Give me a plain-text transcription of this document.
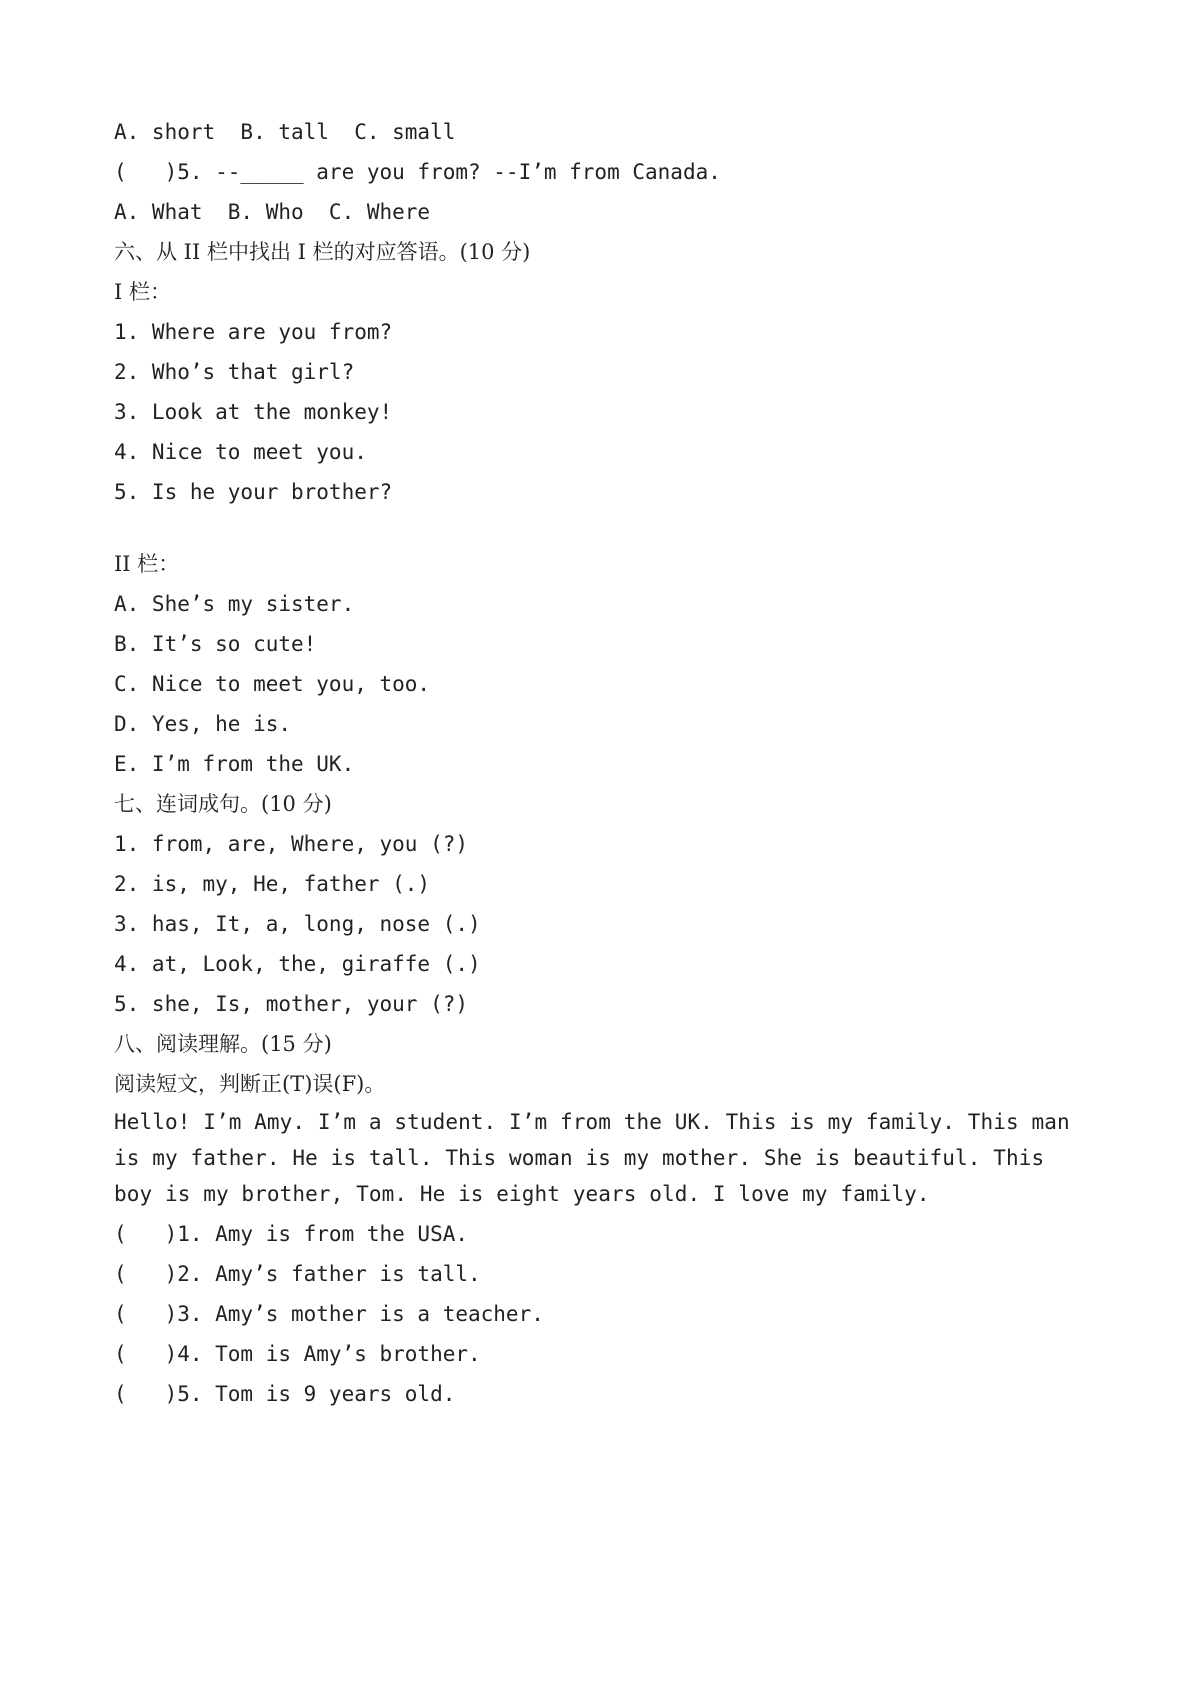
A. short  B. tall  C. small
(   )5. --_____ are you from? --I’m from Canada.
A. What  B. Who  C. Where
六、从 II 栏中找出 I 栏的对应答语。(10 分)
I 栏：
1. Where are you from?
2. Who’s that girl?
3. Look at the monkey!
4. Nice to meet you.
5. Is he your brother?
II 栏：
A. She’s my sister.
B. It’s so cute!
C. Nice to meet you, too.
D. Yes, he is.
E. I’m from the UK.
七、连词成句。(10 分)
1. from, are, Where, you (?)
2. is, my, He, father (.)
3. has, It, a, long, nose (.)
4. at, Look, the, giraffe (.)
5. she, Is, mother, your (?)
八、阅读理解。(15 分)
阅读短文，判断正(T)误(F)。
Hello! I’m Amy. I’m a student. I’m from the UK. This is my family. This man is my father. He is tall. This woman is my mother. She is beautiful. This boy is my brother, Tom. He is eight years old. I love my family.
(   )1. Amy is from the USA.
(   )2. Amy’s father is tall.
(   )3. Amy’s mother is a teacher.
(   )4. Tom is Amy’s brother.
(   )5. Tom is 9 years old.
